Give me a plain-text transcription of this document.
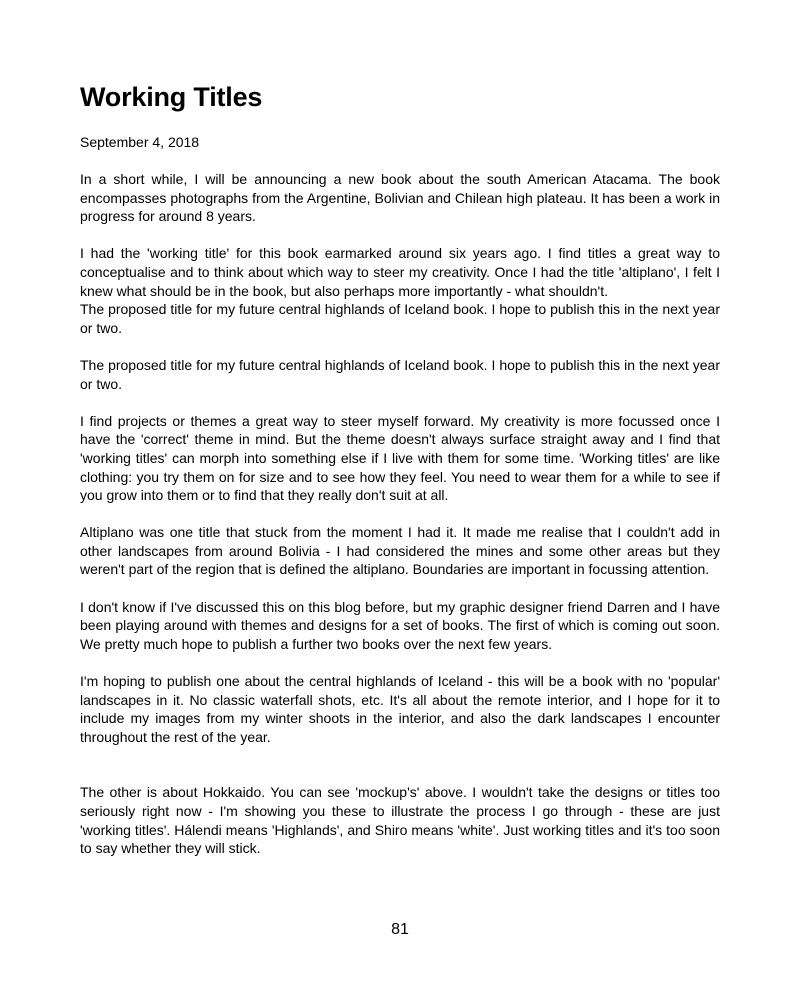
Working Titles

September 4, 2018

In a short while, I will be announcing a new book about the south American Atacama. The book encompasses photographs from the Argentine, Bolivian and Chilean high plateau. It has been a work in progress for around 8 years.

I had the 'working title' for this book earmarked around six years ago. I find titles a great way to conceptualise and to think about which way to steer my creativity. Once I had the title 'altiplano', I felt I knew what should be in the book, but also perhaps more importantly - what shouldn't.

The proposed title for my future central highlands of Iceland book. I hope to publish this in the next year or two.

The proposed title for my future central highlands of Iceland book. I hope to publish this in the next year or two.

I find projects or themes a great way to steer myself forward. My creativity is more focussed once I have the 'correct' theme in mind. But the theme doesn't always surface straight away and I find that 'working titles' can morph into something else if I live with them for some time. 'Working titles' are like clothing: you try them on for size and to see how they feel. You need to wear them for a while to see if you grow into them or to find that they really don't suit at all.

Altiplano was one title that stuck from the moment I had it. It made me realise that I couldn't add in other landscapes from around Bolivia - I had considered the mines and some other areas but they weren't part of the region that is defined the altiplano. Boundaries are important in focussing attention.

I don't know if I've discussed this on this blog before, but my graphic designer friend Darren and I have been playing around with themes and designs for a set of books. The first of which is coming out soon. We pretty much hope to publish a further two books over the next few years.

I'm hoping to publish one about the central highlands of Iceland - this will be a book with no 'popular' landscapes in it. No classic waterfall shots, etc. It's all about the remote interior, and I hope for it to include my images from my winter shoots in the interior, and also the dark landscapes I encounter throughout the rest of the year.

The other is about Hokkaido. You can see 'mockup's' above. I wouldn't take the designs or titles too seriously right now - I'm showing you these to illustrate the process I go through - these are just 'working titles'. Hálendi means 'Highlands', and Shiro means 'white'. Just working titles and it's too soon to say whether they will stick.

81
